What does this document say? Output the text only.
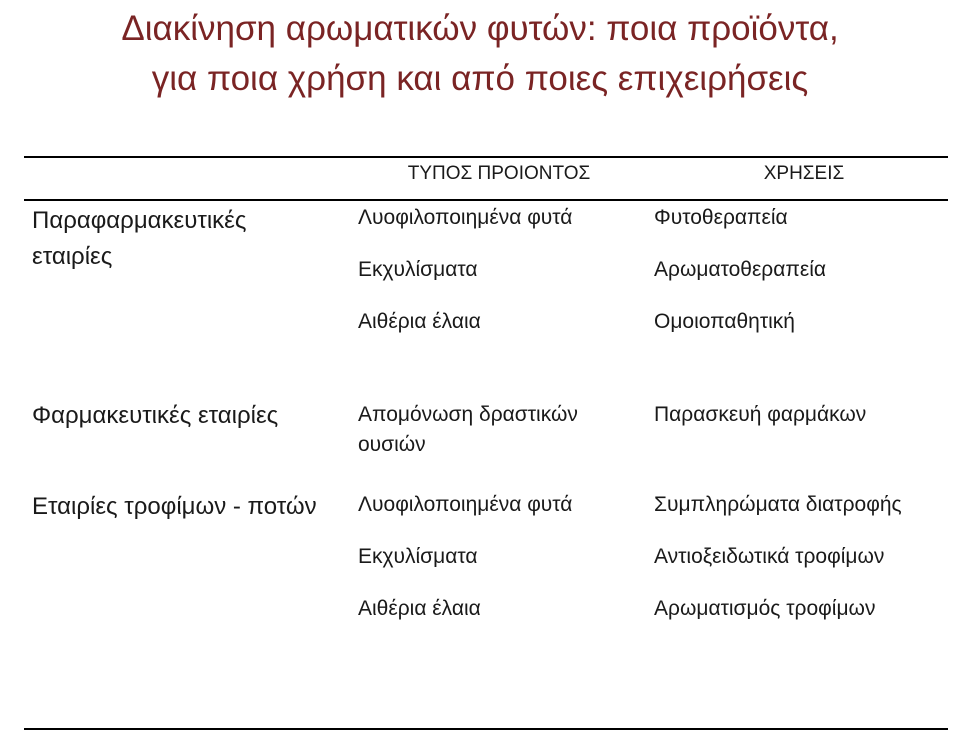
Διακίνηση αρωματικών φυτών: ποια προϊόντα,
για ποια χρήση και από ποιες επιχειρήσεις
ΤΥΠΟΣ ΠΡΟΙΟΝΤΟΣ	ΧΡΗΣΕΙΣ
Παραφαρμακευτικές
εταιρίες
Λυοφιλοποιημένα φυτά
Εκχυλίσματα
Αιθέρια έλαια
Φυτοθεραπεία
Αρωματοθεραπεία
Ομοιοπαθητική
Φαρμακευτικές εταιρίες	Απομόνωση δραστικών
ουσιών
Παρασκευή φαρμάκων
Εταιρίες τροφίμων - ποτών Λυοφιλοποιημένα φυτά
Εκχυλίσματα
Αιθέρια έλαια
Συμπληρώματα διατροφής
Αντιοξειδωτικά τροφίμων
Αρωματισμός τροφίμων
